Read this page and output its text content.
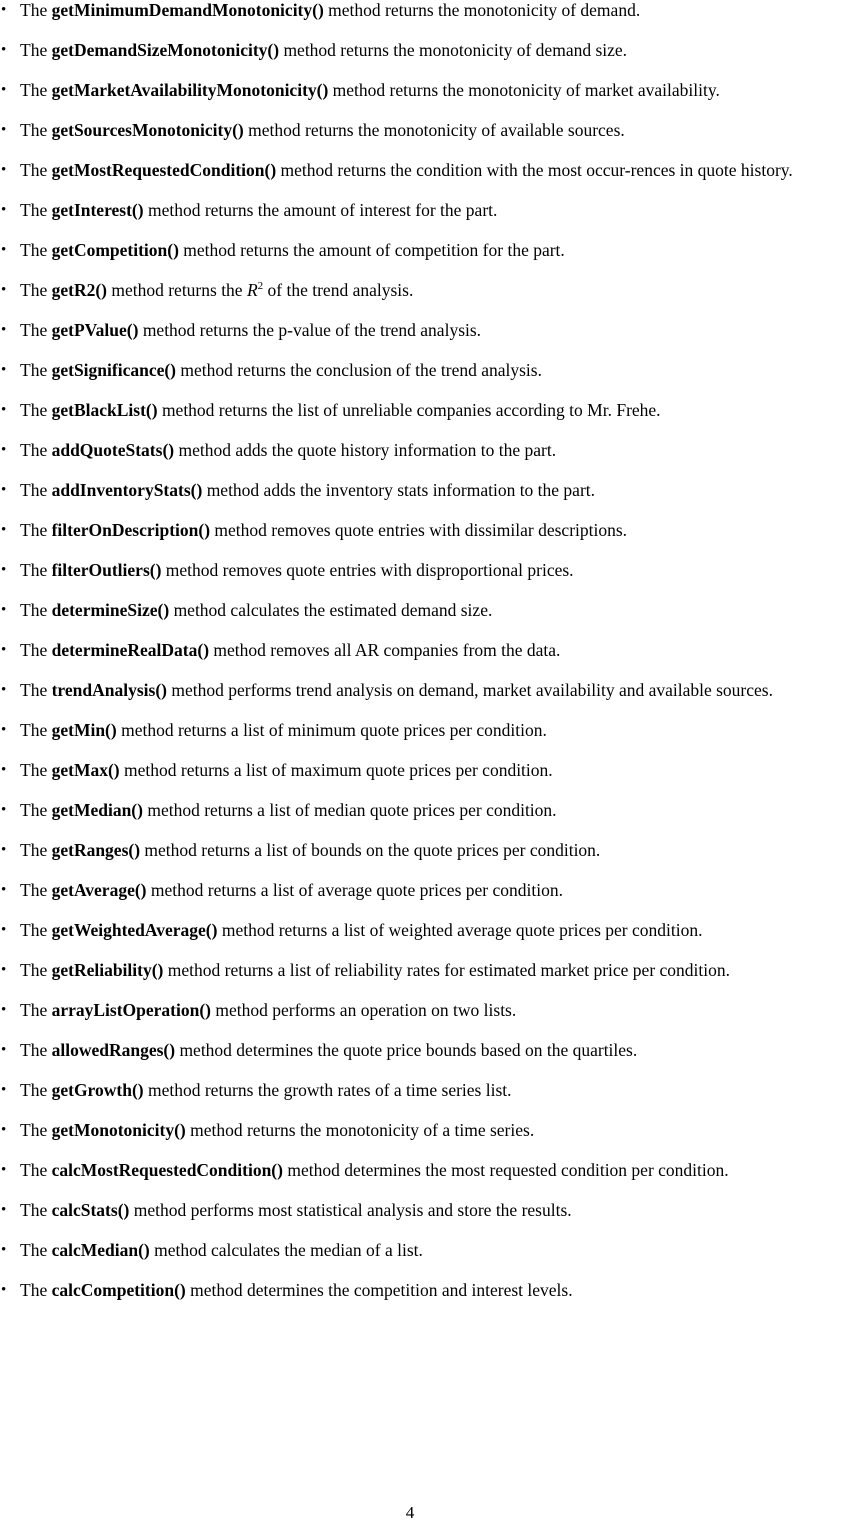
• The getMinimumDemandMonotonicity() method returns the monotonicity of demand.
• The getDemandSizeMonotonicity() method returns the monotonicity of demand size.
• The getMarketAvailabilityMonotonicity() method returns the monotonicity of market availability.
• The getSourcesMonotonicity() method returns the monotonicity of available sources.
• The getMostRequestedCondition() method returns the condition with the most occur-rences in quote history.
• The getInterest() method returns the amount of interest for the part.
• The getCompetition() method returns the amount of competition for the part.
• The getR2() method returns the $R^2$ of the trend analysis.
• The getPValue() method returns the p-value of the trend analysis.
• The getSignificance() method returns the conclusion of the trend analysis.
• The getBlackList() method returns the list of unreliable companies according to Mr. Frehe.
• The addQuoteStats() method adds the quote history information to the part.
• The addInventoryStats() method adds the inventory stats information to the part.
• The filterOnDescription() method removes quote entries with dissimilar descriptions.
• The filterOutliers() method removes quote entries with disproportional prices.
• The determineSize() method calculates the estimated demand size.
• The determineRealData() method removes all AR companies from the data.
• The trendAnalysis() method performs trend analysis on demand, market availability and available sources.
• The getMin() method returns a list of minimum quote prices per condition.
• The getMax() method returns a list of maximum quote prices per condition.
• The getMedian() method returns a list of median quote prices per condition.
• The getRanges() method returns a list of bounds on the quote prices per condition.
• The getAverage() method returns a list of average quote prices per condition.
• The getWeightedAverage() method returns a list of weighted average quote prices per condition.
• The getReliability() method returns a list of reliability rates for estimated market price per condition.
• The arrayListOperation() method performs an operation on two lists.
• The allowedRanges() method determines the quote price bounds based on the quartiles.
• The getGrowth() method returns the growth rates of a time series list.
• The getMonotonicity() method returns the monotonicity of a time series.
• The calcMostRequestedCondition() method determines the most requested condition per condition.
• The calcStats() method performs most statistical analysis and store the results.
• The calcMedian() method calculates the median of a list.
• The calcCompetition() method determines the competition and interest levels.
4
